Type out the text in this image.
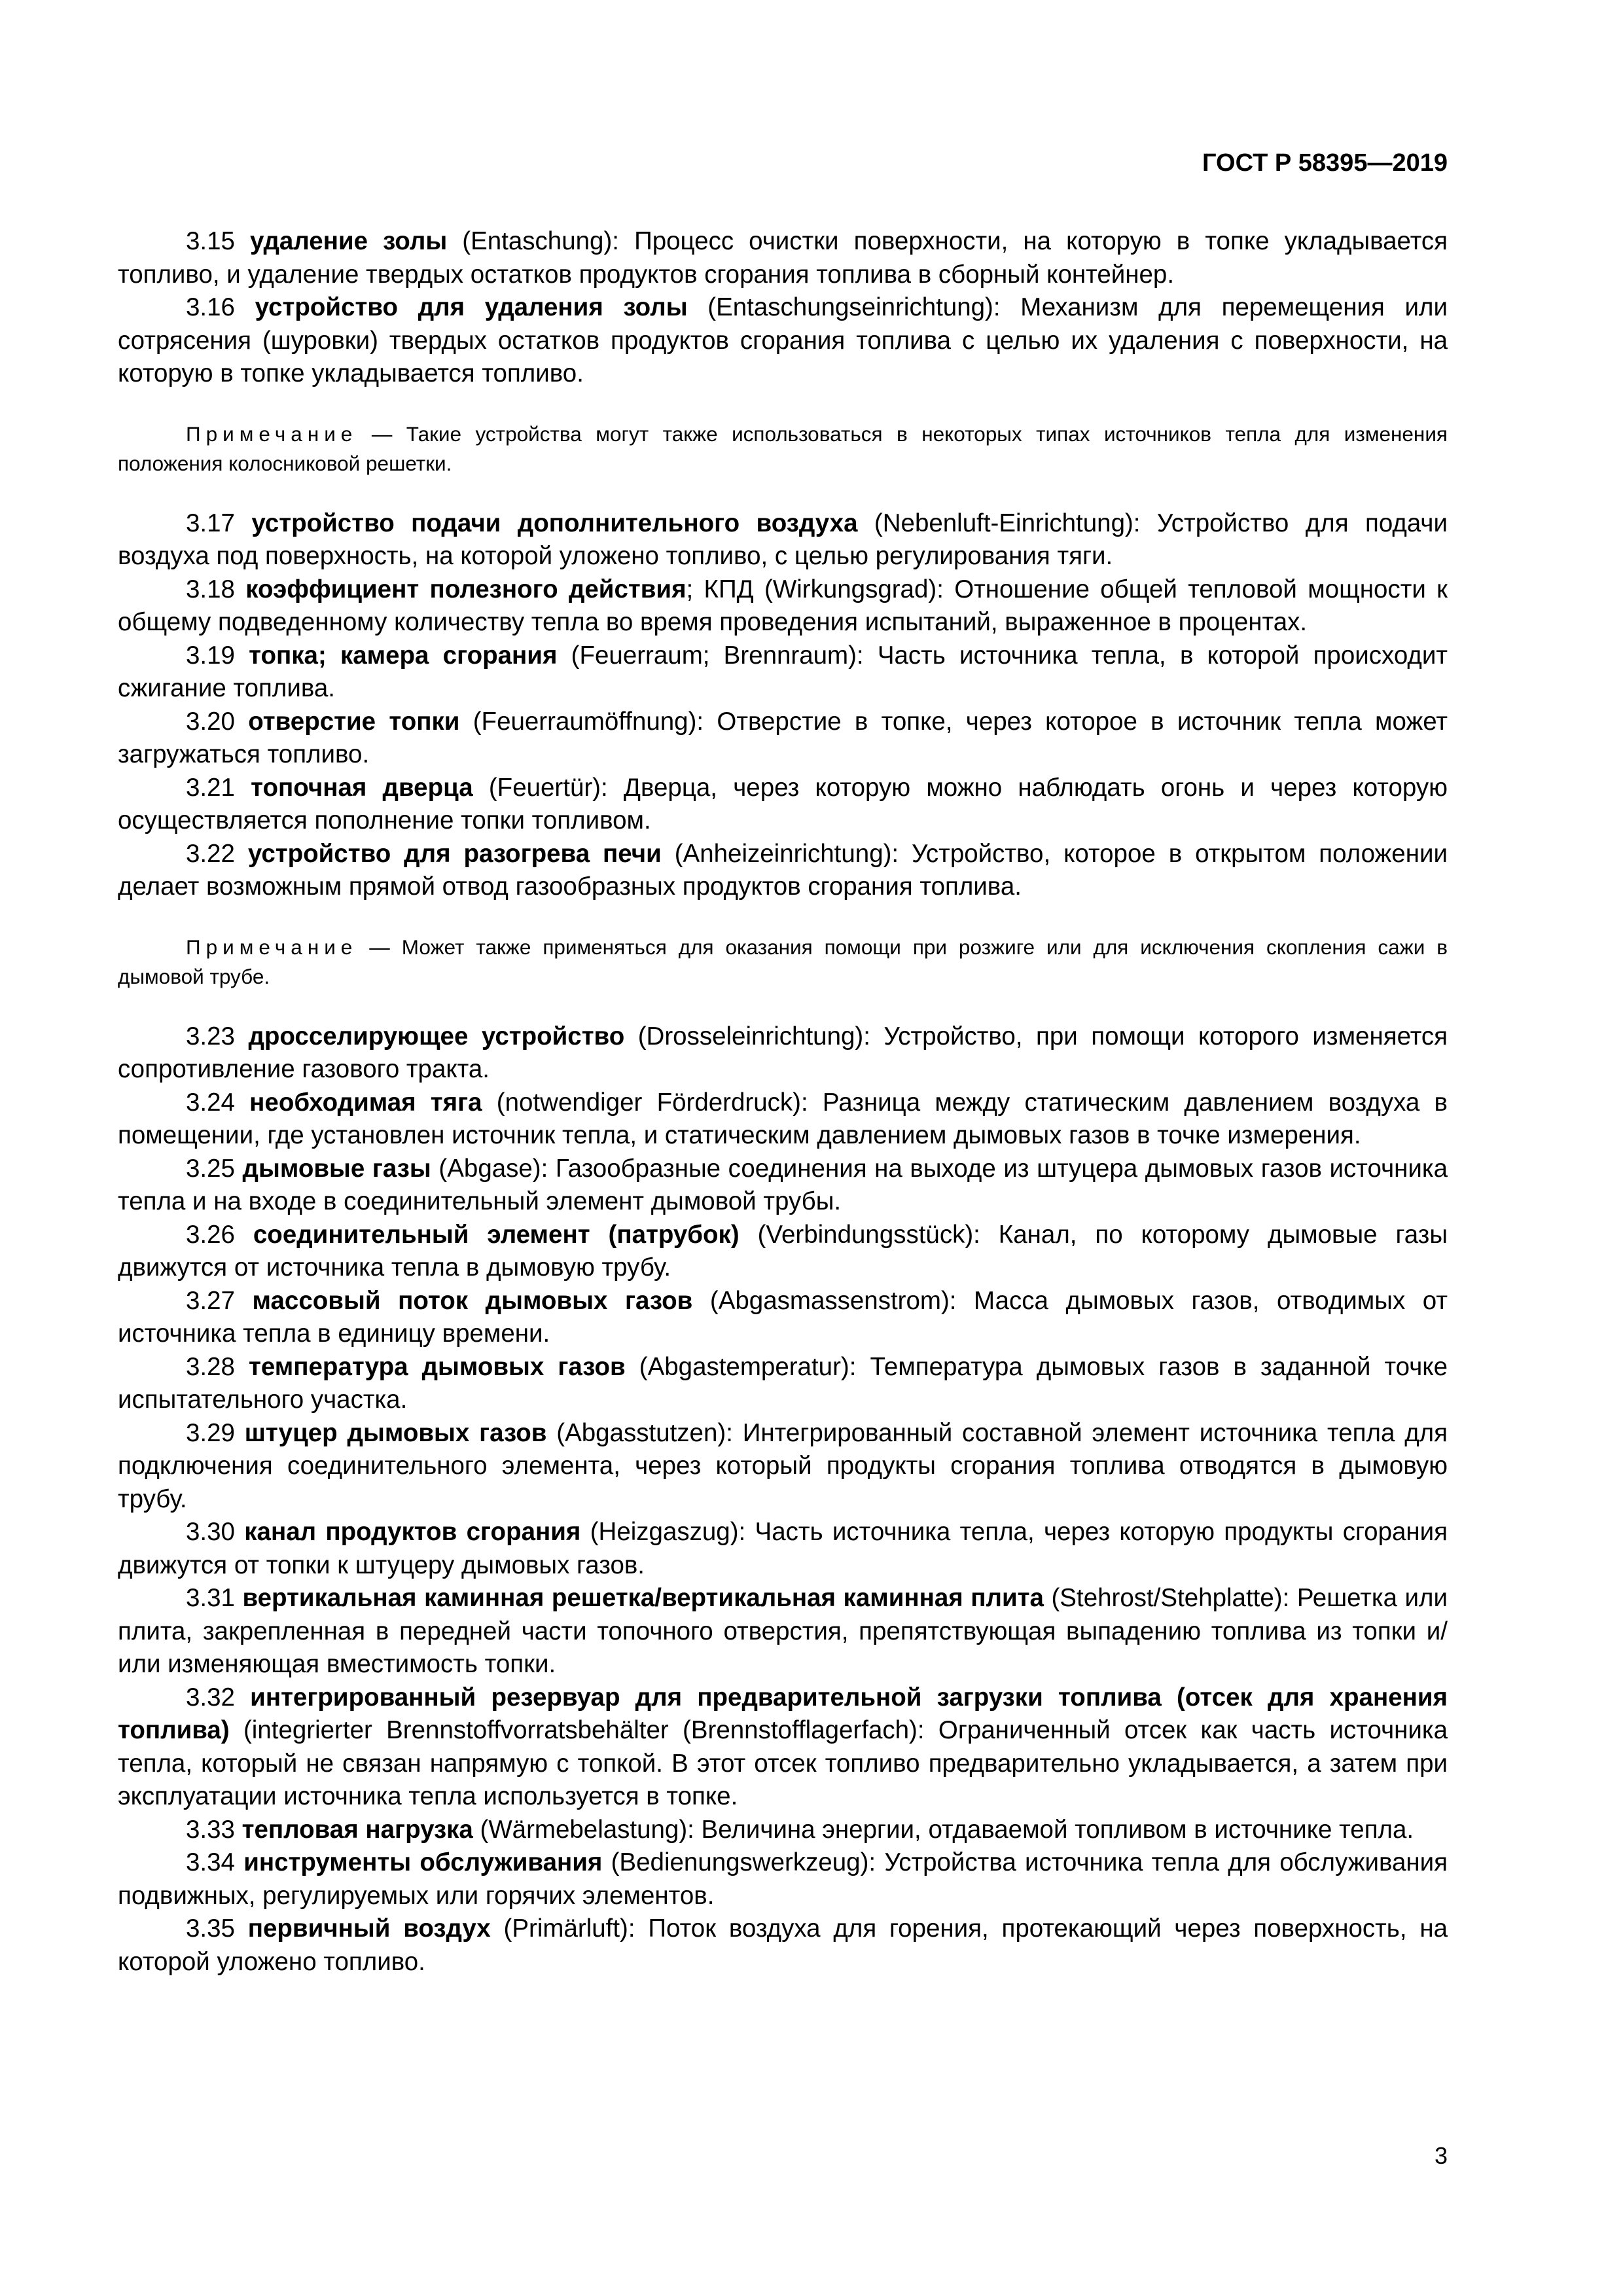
ГОСТ Р 58395—2019

3.15 удаление золы (Entaschung): Процесс очистки поверхности, на которую в топке укладывается топливо, и удаление твердых остатков продуктов сгорания топлива в сборный контейнер.

3.16 устройство для удаления золы (Entaschungseinrichtung): Механизм для перемещения или сотрясения (шуровки) твердых остатков продуктов сгорания топлива с целью их удаления с поверхности, на которую в топке укладывается топливо.

Примечание — Такие устройства могут также использоваться в некоторых типах источников тепла для изменения положения колосниковой решетки.

3.17 устройство подачи дополнительного воздуха (Nebenluft-Einrichtung): Устройство для подачи воздуха под поверхность, на которой уложено топливо, с целью регулирования тяги.

3.18 коэффициент полезного действия; КПД (Wirkungsgrad): Отношение общей тепловой мощности к общему подведенному количеству тепла во время проведения испытаний, выраженное в процентах.

3.19 топка; камера сгорания (Feuerraum; Brennraum): Часть источника тепла, в которой происходит сжигание топлива.

3.20 отверстие топки (Feuerraumöffnung): Отверстие в топке, через которое в источник тепла может загружаться топливо.

3.21 топочная дверца (Feuertür): Дверца, через которую можно наблюдать огонь и через которую осуществляется пополнение топки топливом.

3.22 устройство для разогрева печи (Anheizeinrichtung): Устройство, которое в открытом положении делает возможным прямой отвод газообразных продуктов сгорания топлива.

Примечание — Может также применяться для оказания помощи при розжиге или для исключения скопления сажи в дымовой трубе.

3.23 дросселирующее устройство (Drosseleinrichtung): Устройство, при помощи которого изменяется сопротивление газового тракта.

3.24 необходимая тяга (notwendiger Förderdruck): Разница между статическим давлением воздуха в помещении, где установлен источник тепла, и статическим давлением дымовых газов в точке измерения.

3.25 дымовые газы (Abgase): Газообразные соединения на выходе из штуцера дымовых газов источника тепла и на входе в соединительный элемент дымовой трубы.

3.26 соединительный элемент (патрубок) (Verbindungsstück): Канал, по которому дымовые газы движутся от источника тепла в дымовую трубу.

3.27 массовый поток дымовых газов (Abgasmassenstrom): Масса дымовых газов, отводимых от источника тепла в единицу времени.

3.28 температура дымовых газов (Abgastemperatur): Температура дымовых газов в заданной точке испытательного участка.

3.29 штуцер дымовых газов (Abgasstutzen): Интегрированный составной элемент источника тепла для подключения соединительного элемента, через который продукты сгорания топлива отводятся в дымовую трубу.

3.30 канал продуктов сгорания (Heizgaszug): Часть источника тепла, через которую продукты сгорания движутся от топки к штуцеру дымовых газов.

3.31 вертикальная каминная решетка/вертикальная каминная плита (Stehrost/Stehplatte): Решетка или плита, закрепленная в передней части топочного отверстия, препятствующая выпадению топлива из топки и/или изменяющая вместимость топки.

3.32 интегрированный резервуар для предварительной загрузки топлива (отсек для хранения топлива) (integrierter Brennstoffvorratsbehälter (Brennstofflagerfach): Ограниченный отсек как часть источника тепла, который не связан напрямую с топкой. В этот отсек топливо предварительно укладывается, а затем при эксплуатации источника тепла используется в топке.

3.33 тепловая нагрузка (Wärmebelastung): Величина энергии, отдаваемой топливом в источнике тепла.

3.34 инструменты обслуживания (Bedienungswerkzeug): Устройства источника тепла для обслуживания подвижных, регулируемых или горячих элементов.

3.35 первичный воздух (Primärluft): Поток воздуха для горения, протекающий через поверхность, на которой уложено топливо.

3
